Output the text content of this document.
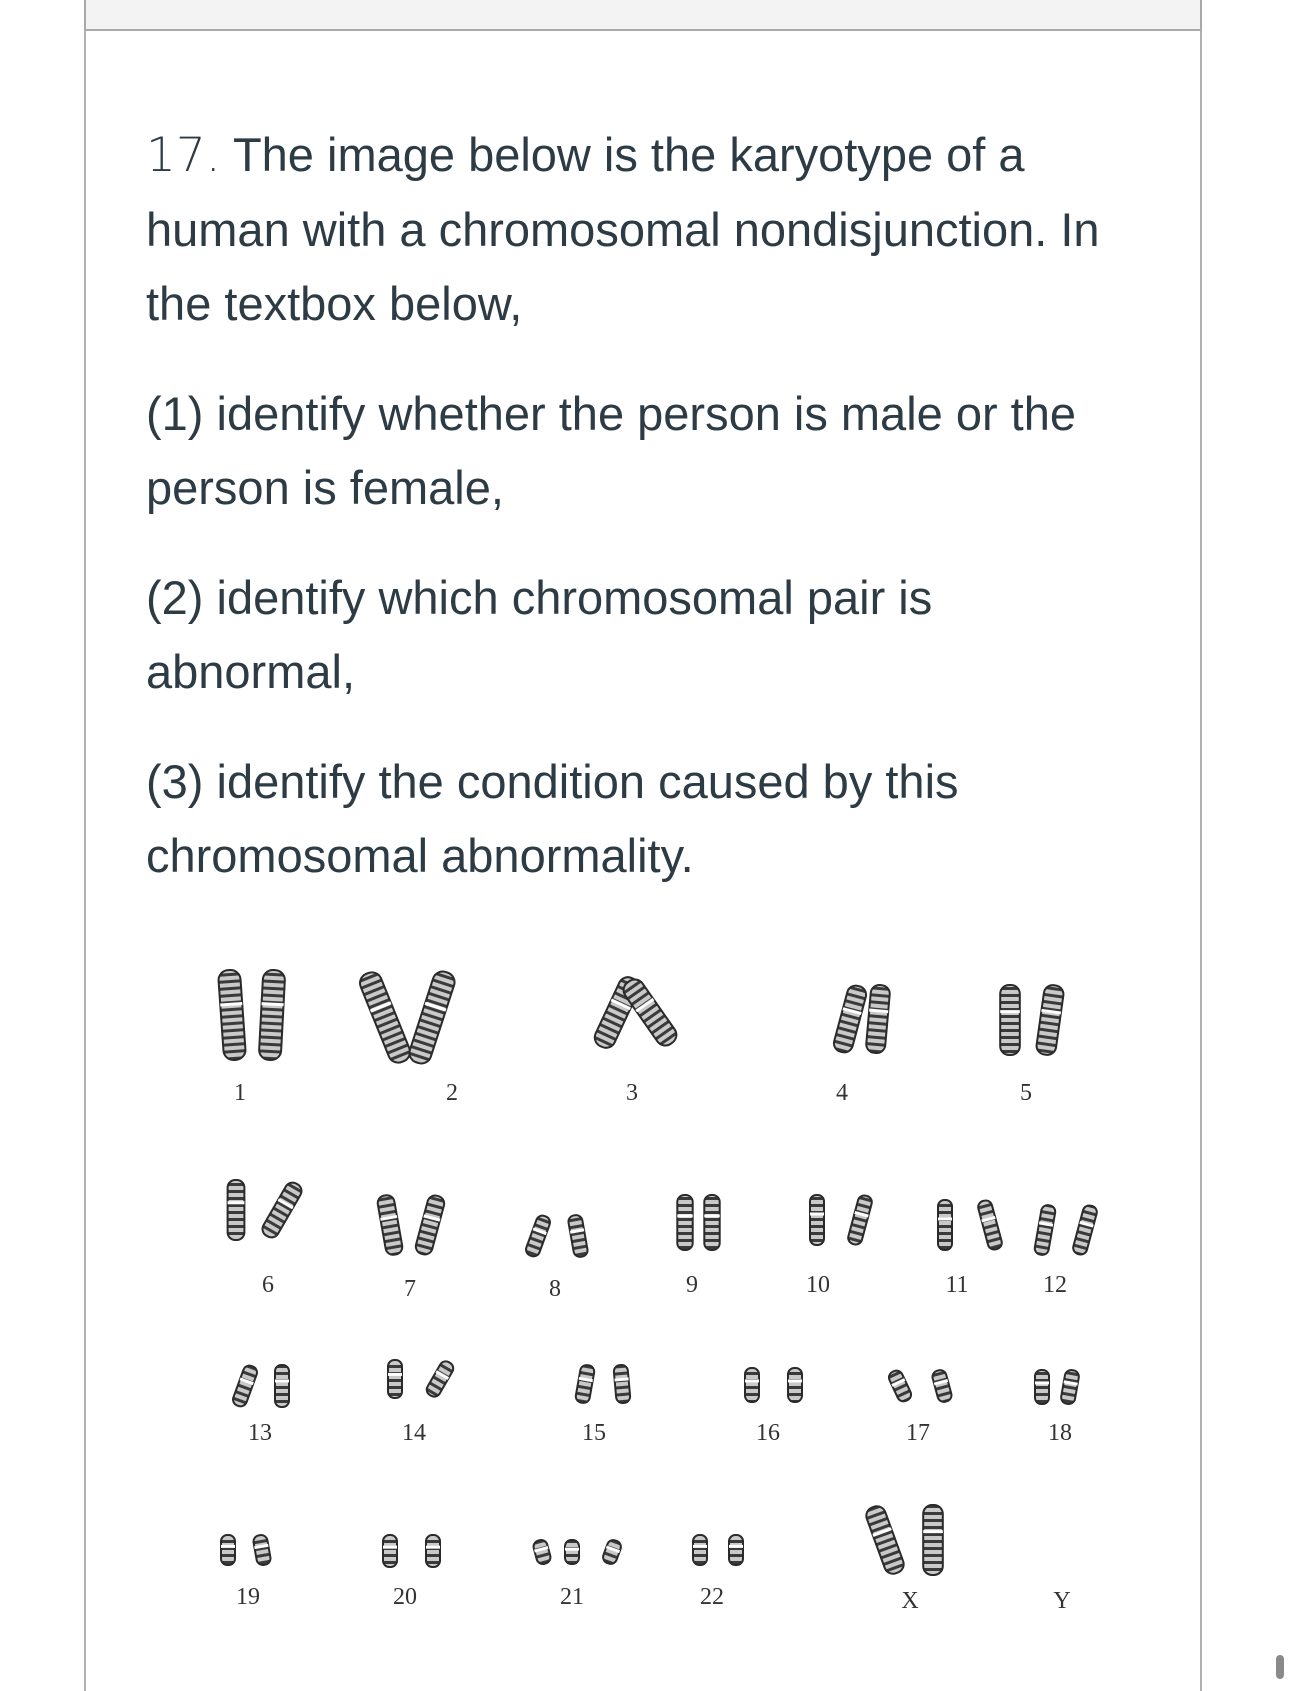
17. The image below is the karyotype of a human with a chromosomal nondisjunction. In the textbox below,

(1) identify whether the person is male or the person is female,

(2) identify which chromosomal pair is abnormal,

(3) identify the condition caused by this chromosomal abnormality.

1	2	3	4	5
6	7	8	9	10	11	12
13	14	15	16	17	18
19	20	21	22	X	Y
